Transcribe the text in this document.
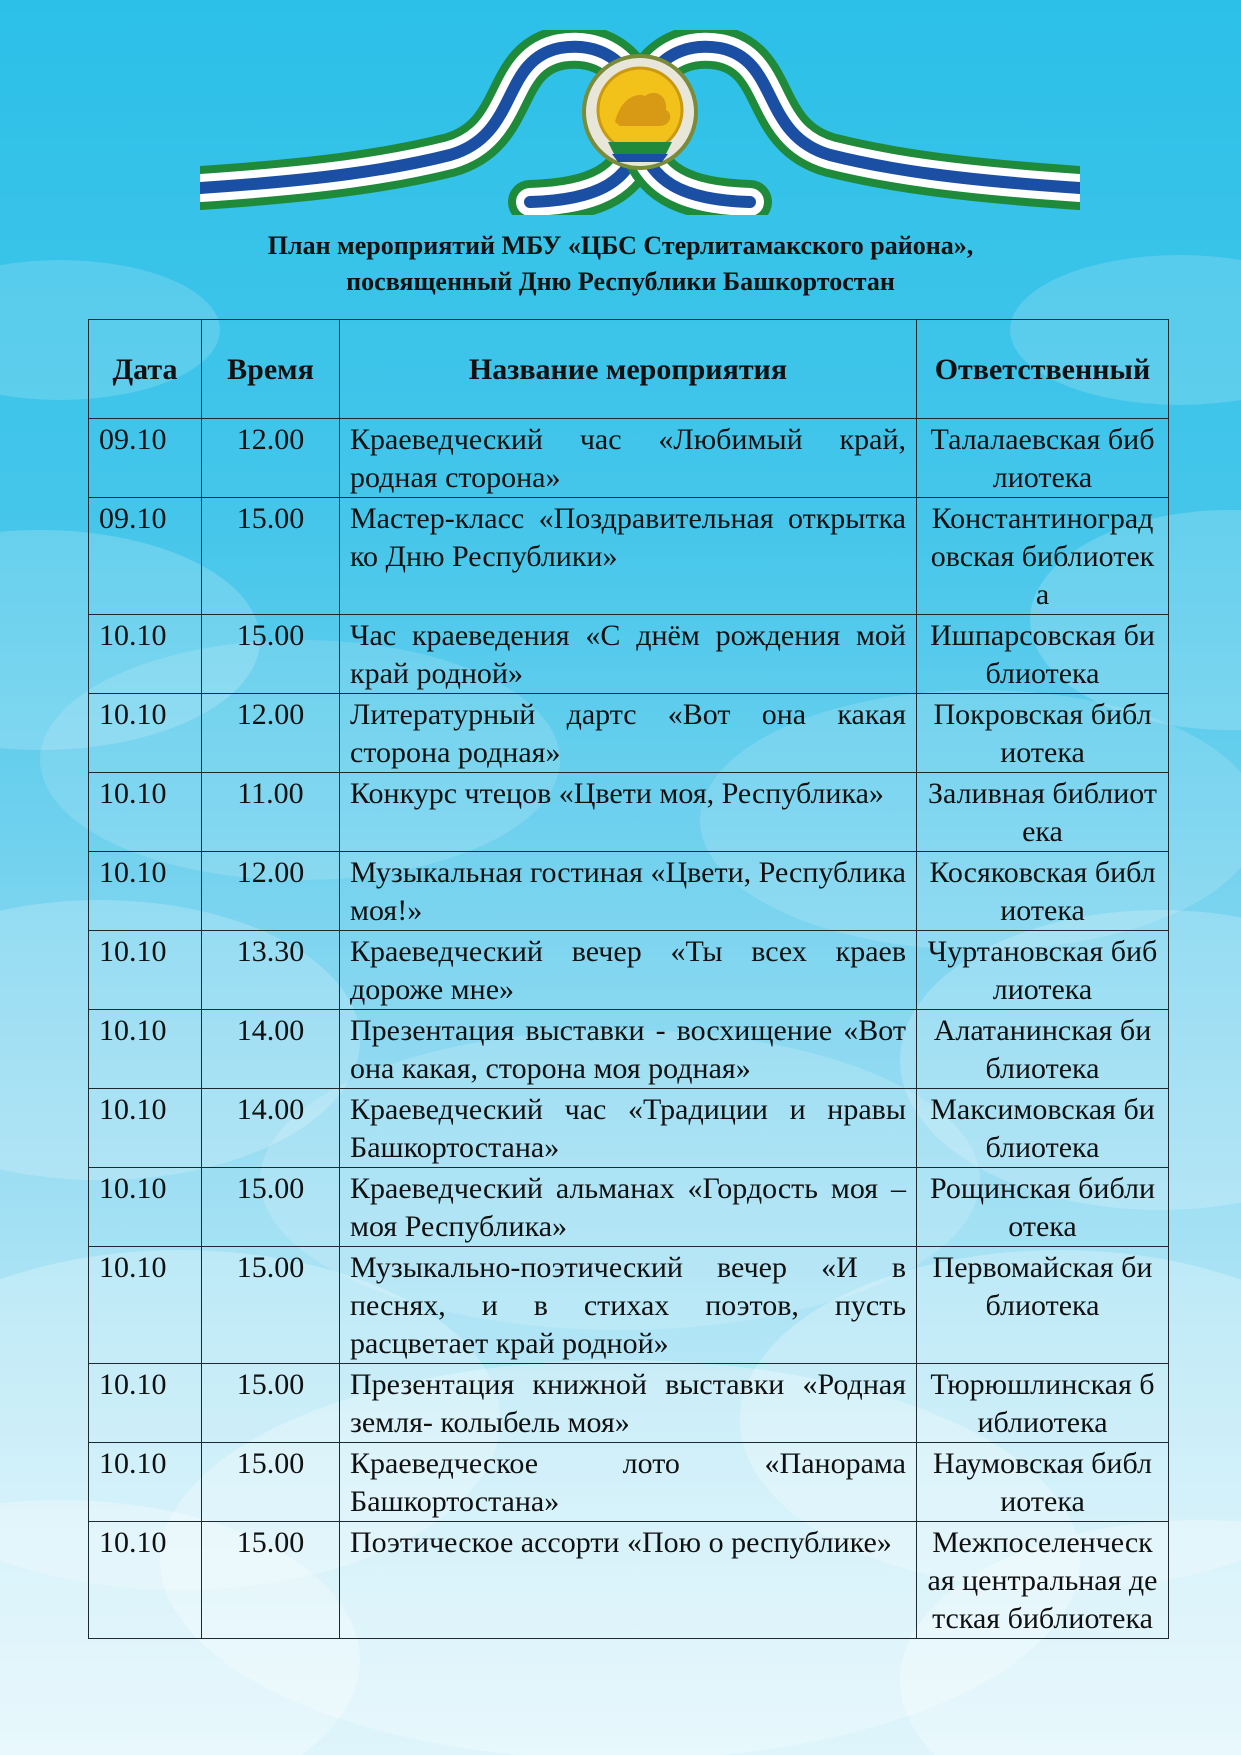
План мероприятий МБУ «ЦБС Стерлитамакского района»,
посвященный Дню Республики Башкортостан
Дата	Время	Название мероприятия	Ответственный
09.10	12.00	Краеведческий час «Любимый край, родная сторона»	Талалаевская библиотека
09.10	15.00	Мастер-класс «Поздравительная открытка ко Дню Республики»	Константиноградовская библиотека
10.10	15.00	Час краеведения «С днём рождения мой край родной»	Ишпарсовская библиотека
10.10	12.00	Литературный дартс «Вот она какая сторона родная»	Покровская библиотека
10.10	11.00	Конкурс чтецов «Цвети моя, Республика»	Заливная библиотека
10.10	12.00	Музыкальная гостиная «Цвети, Республика моя!»	Косяковская библиотека
10.10	13.30	Краеведческий вечер «Ты всех краев дороже мне»	Чуртановская библиотека
10.10	14.00	Презентация выставки - восхищение «Вот она какая, сторона моя родная»	Алатанинская библиотека
10.10	14.00	Краеведческий час «Традиции и нравы Башкортостана»	Максимовская библиотека
10.10	15.00	Краеведческий альманах «Гордость моя – моя Республика»	Рощинская библиотека
10.10	15.00	Музыкально-поэтический вечер «И в песнях, и в стихах поэтов, пусть расцветает край родной»	Первомайская библиотека
10.10	15.00	Презентация книжной выставки «Родная земля- колыбель моя»	Тюрюшлинская библиотека
10.10	15.00	Краеведческое лото «Панорама Башкортостана»	Наумовская библиотека
10.10	15.00	Поэтическое ассорти «Пою о республике»	Межпоселенческая центральная детская библиотека
